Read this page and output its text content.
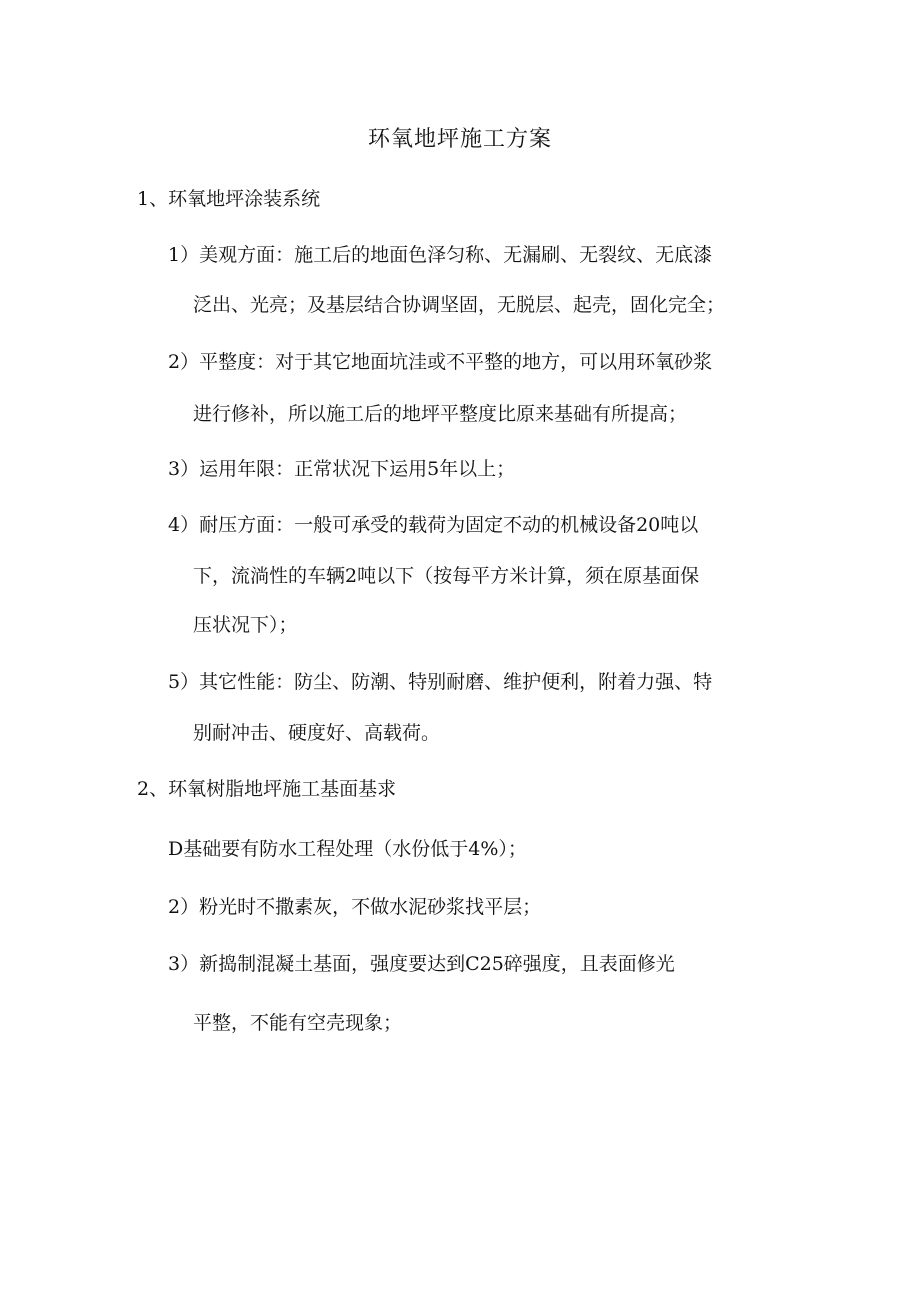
环氧地坪施工方案
1、环氧地坪涂装系统
1）美观方面：施工后的地面色泽匀称、无漏刷、无裂纹、无底漆
泛出、光亮；及基层结合协调坚固，无脱层、起壳，固化完全；
2）平整度：对于其它地面坑洼或不平整的地方，可以用环氧砂浆
进行修补，所以施工后的地坪平整度比原来基础有所提高；
3）运用年限：正常状况下运用5年以上；
4）耐压方面：一般可承受的载荷为固定不动的机械设备20吨以
下，流淌性的车辆2吨以下（按每平方米计算，须在原基面保
压状况下）；
5）其它性能：防尘、防潮、特别耐磨、维护便利，附着力强、特
别耐冲击、硬度好、高载荷。
2、环氧树脂地坪施工基面基求
D基础要有防水工程处理（水份低于4%）；
2）粉光时不撒素灰，不做水泥砂浆找平层；
3）新捣制混凝土基面，强度要达到C25碎强度，且表面修光
平整，不能有空壳现象；
